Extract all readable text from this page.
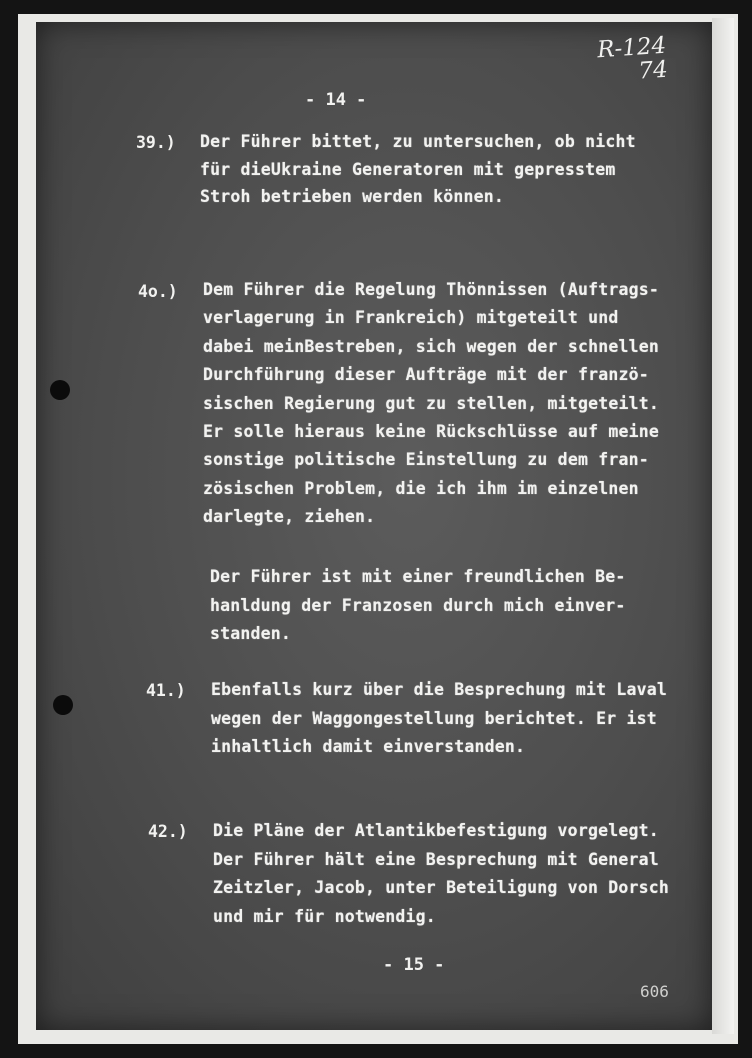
R-124
74
- 14 -
39.) Der Führer bittet, zu untersuchen, ob nicht
für dieUkraine Generatoren mit gepresstem
Stroh betrieben werden können.
4o.) Dem Führer die Regelung Thönnissen (Auftrags-
verlagerung in Frankreich) mitgeteilt und
dabei meinBestreben, sich wegen der schnellen
Durchführung dieser Aufträge mit der franzö-
sischen Regierung gut zu stellen, mitgeteilt.
Er solle hieraus keine Rückschlüsse auf meine
sonstige politische Einstellung zu dem fran-
zösischen Problem, die ich ihm im einzelnen
darlegte, ziehen.
Der Führer ist mit einer freundlichen Be-
hanldung der Franzosen durch mich einver-
standen.
41.) Ebenfalls kurz über die Besprechung mit Laval
wegen der Waggongestellung berichtet. Er ist
inhaltlich damit einverstanden.
42.) Die Pläne der Atlantikbefestigung vorgelegt.
Der Führer hält eine Besprechung mit General
Zeitzler, Jacob, unter Beteiligung von Dorsch
und mir für notwendig.
- 15 -
606
